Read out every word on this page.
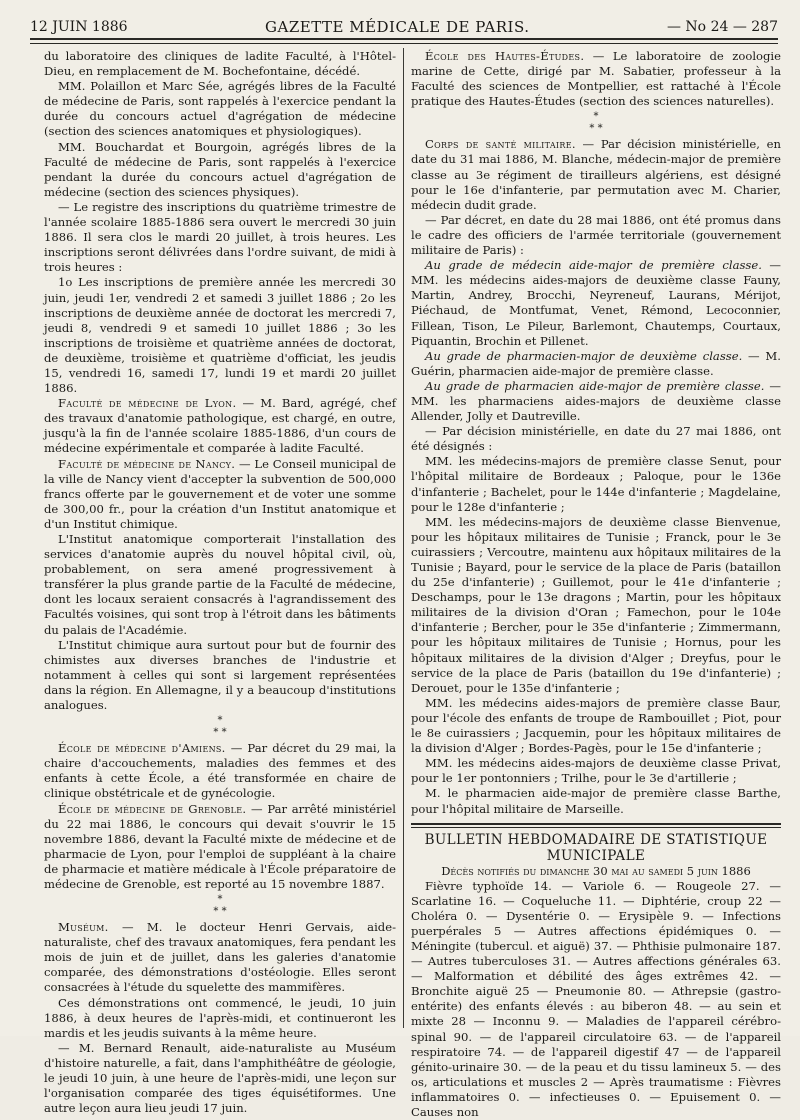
12 JUIN 1886	GAZETTE MÉDICALE DE PARIS.	— No 24 — 287

du laboratoire des cliniques de ladite Faculté, à l'Hôtel-Dieu, en remplacement de M. Bochefontaine, décédé.

MM. Polaillon et Marc Sée, agrégés libres de la Faculté de médecine de Paris, sont rappelés à l'exercice pendant la durée du concours actuel d'agrégation de médecine (section des sciences anatomiques et physiologiques).

MM. Bouchardat et Bourgoin, agrégés libres de la Faculté de médecine de Paris, sont rappelés à l'exercice pendant la durée du concours actuel d'agrégation de médecine (section des sciences physiques).

— Le registre des inscriptions du quatrième trimestre de l'année scolaire 1885-1886 sera ouvert le mercredi 30 juin 1886. Il sera clos le mardi 20 juillet, à trois heures. Les inscriptions seront délivrées dans l'ordre suivant, de midi à trois heures :

1o Les inscriptions de première année les mercredi 30 juin, jeudi 1er, vendredi 2 et samedi 3 juillet 1886 ; 2o les inscriptions de deuxième année de doctorat les mercredi 7, jeudi 8, vendredi 9 et samedi 10 juillet 1886 ; 3o les inscriptions de troisième et quatrième années de doctorat, de deuxième, troisième et quatrième d'officiat, les jeudis 15, vendredi 16, samedi 17, lundi 19 et mardi 20 juillet 1886.

Faculté de médecine de Lyon. — M. Bard, agrégé, chef des travaux d'anatomie pathologique, est chargé, en outre, jusqu'à la fin de l'année scolaire 1885-1886, d'un cours de médecine expérimentale et comparée à ladite Faculté.

Faculté de médecine de Nancy. — Le Conseil municipal de la ville de Nancy vient d'accepter la subvention de 500,000 francs offerte par le gouvernement et de voter une somme de 300,00 fr., pour la création d'un Institut anatomique et d'un Institut chimique.

L'Institut anatomique comporterait l'installation des services d'anatomie auprès du nouvel hôpital civil, où, probablement, on sera amené progressivement à transférer la plus grande partie de la Faculté de médecine, dont les locaux seraient consacrés à l'agrandissement des Facultés voisines, qui sont trop à l'étroit dans les bâtiments du palais de l'Académie.

L'Institut chimique aura surtout pour but de fournir des chimistes aux diverses branches de l'industrie et notamment à celles qui sont si largement représentées dans la région. En Allemagne, il y a beaucoup d'institutions analogues.

*
* *

École de médecine d'Amiens. — Par décret du 29 mai, la chaire d'accouchements, maladies des femmes et des enfants à cette École, a été transformée en chaire de clinique obstétricale et de gynécologie.

École de médecine de Grenoble. — Par arrêté ministériel du 22 mai 1886, le concours qui devait s'ouvrir le 15 novembre 1886, devant la Faculté mixte de médecine et de pharmacie de Lyon, pour l'emploi de suppléant à la chaire de pharmacie et matière médicale à l'École préparatoire de médecine de Grenoble, est reporté au 15 novembre 1887.

*
* *

Muséum. — M. le docteur Henri Gervais, aide-naturaliste, chef des travaux anatomiques, fera pendant les mois de juin et de juillet, dans les galeries d'anatomie comparée, des démonstrations d'ostéologie. Elles seront consacrées à l'étude du squelette des mammifères.

Ces démonstrations ont commencé, le jeudi, 10 juin 1886, à deux heures de l'après-midi, et continueront les mardis et les jeudis suivants à la même heure.

— M. Bernard Renault, aide-naturaliste au Muséum d'histoire naturelle, a fait, dans l'amphithéâtre de géologie, le jeudi 10 juin, à une heure de l'après-midi, une leçon sur l'organisation comparée des tiges équisétiformes. Une autre leçon aura lieu jeudi 17 juin.

École des Hautes-Études. — Le laboratoire de zoologie marine de Cette, dirigé par M. Sabatier, professeur à la Faculté des sciences de Montpellier, est rattaché à l'École pratique des Hautes-Études (section des sciences naturelles).

*
* *

Corps de santé militaire. — Par décision ministérielle, en date du 31 mai 1886, M. Blanche, médecin-major de première classe au 3e régiment de tirailleurs algériens, est désigné pour le 16e d'infanterie, par permutation avec M. Charier, médecin dudit grade.

— Par décret, en date du 28 mai 1886, ont été promus dans le cadre des officiers de l'armée territoriale (gouvernement militaire de Paris) :

Au grade de médecin aide-major de première classe. — MM. les médecins aides-majors de deuxième classe Fauny, Martin, Andrey, Brocchi, Neyreneuf, Laurans, Mérijot, Piéchaud, de Montfumat, Venet, Rémond, Lecoconnier, Fillean, Tison, Le Pileur, Barlemont, Chautemps, Courtaux, Piquantin, Brochin et Pillenet.

Au grade de pharmacien-major de deuxième classe. — M. Guérin, pharmacien aide-major de première classe.

Au grade de pharmacien aide-major de première classe. — MM. les pharmaciens aides-majors de deuxième classe Allender, Jolly et Dautreville.

— Par décision ministérielle, en date du 27 mai 1886, ont été désignés :

MM. les médecins-majors de première classe Senut, pour l'hôpital militaire de Bordeaux ; Paloque, pour le 136e d'infanterie ; Bachelet, pour le 144e d'infanterie ; Magdelaine, pour le 128e d'infanterie ;

MM. les médecins-majors de deuxième classe Bienvenue, pour les hôpitaux militaires de Tunisie ; Franck, pour le 3e cuirassiers ; Vercoutre, maintenu aux hôpitaux militaires de la Tunisie ; Bayard, pour le service de la place de Paris (bataillon du 25e d'infanterie) ; Guillemot, pour le 41e d'infanterie ; Deschamps, pour le 13e dragons ; Martin, pour les hôpitaux militaires de la division d'Oran ; Famechon, pour le 104e d'infanterie ; Bercher, pour le 35e d'infanterie ; Zimmermann, pour les hôpitaux militaires de Tunisie ; Hornus, pour les hôpitaux militaires de la division d'Alger ; Dreyfus, pour le service de la place de Paris (bataillon du 19e d'infanterie) ; Derouet, pour le 135e d'infanterie ;

MM. les médecins aides-majors de première classe Baur, pour l'école des enfants de troupe de Rambouillet ; Piot, pour le 8e cuirassiers ; Jacquemin, pour les hôpitaux militaires de la division d'Alger ; Bordes-Pagès, pour le 15e d'infanterie ;

MM. les médecins aides-majors de deuxième classe Privat, pour le 1er pontonniers ; Trilhe, pour le 3e d'artillerie ;

M. le pharmacien aide-major de première classe Barthe, pour l'hôpital militaire de Marseille.

BULLETIN HEBDOMADAIRE DE STATISTIQUE
MUNICIPALE
Décès notifiés du dimanche 30 mai au samedi 5 juin 1886

Fièvre typhoïde 14. — Variole 6. — Rougeole 27. — Scarlatine 16. — Coqueluche 11. — Diphtérie, croup 22 — Choléra 0. — Dysentérie 0. — Erysipèle 9. — Infections puerpérales 5 — Autres affections épidémiques 0. — Méningite (tubercul. et aiguë) 37. — Phthisie pulmonaire 187. — Autres tuberculoses 31. — Autres affections générales 63. — Malformation et débilité des âges extrêmes 42. — Bronchite aiguë 25 — Pneumonie 80. — Athrepsie (gastro-entérite) des enfants élevés : au biberon 48. — au sein et mixte 28 — Inconnu 9. — Maladies de l'appareil cérébro-spinal 90. — de l'appareil circulatoire 63. — de l'appareil respiratoire 74. — de l'appareil digestif 47 — de l'appareil génito-urinaire 30. — de la peau et du tissu lamineux 5. — des os, articulations et muscles 2 — Après traumatisme : Fièvres inflammatoires 0. — infectieuses 0. — Epuisement 0. — Causes non
